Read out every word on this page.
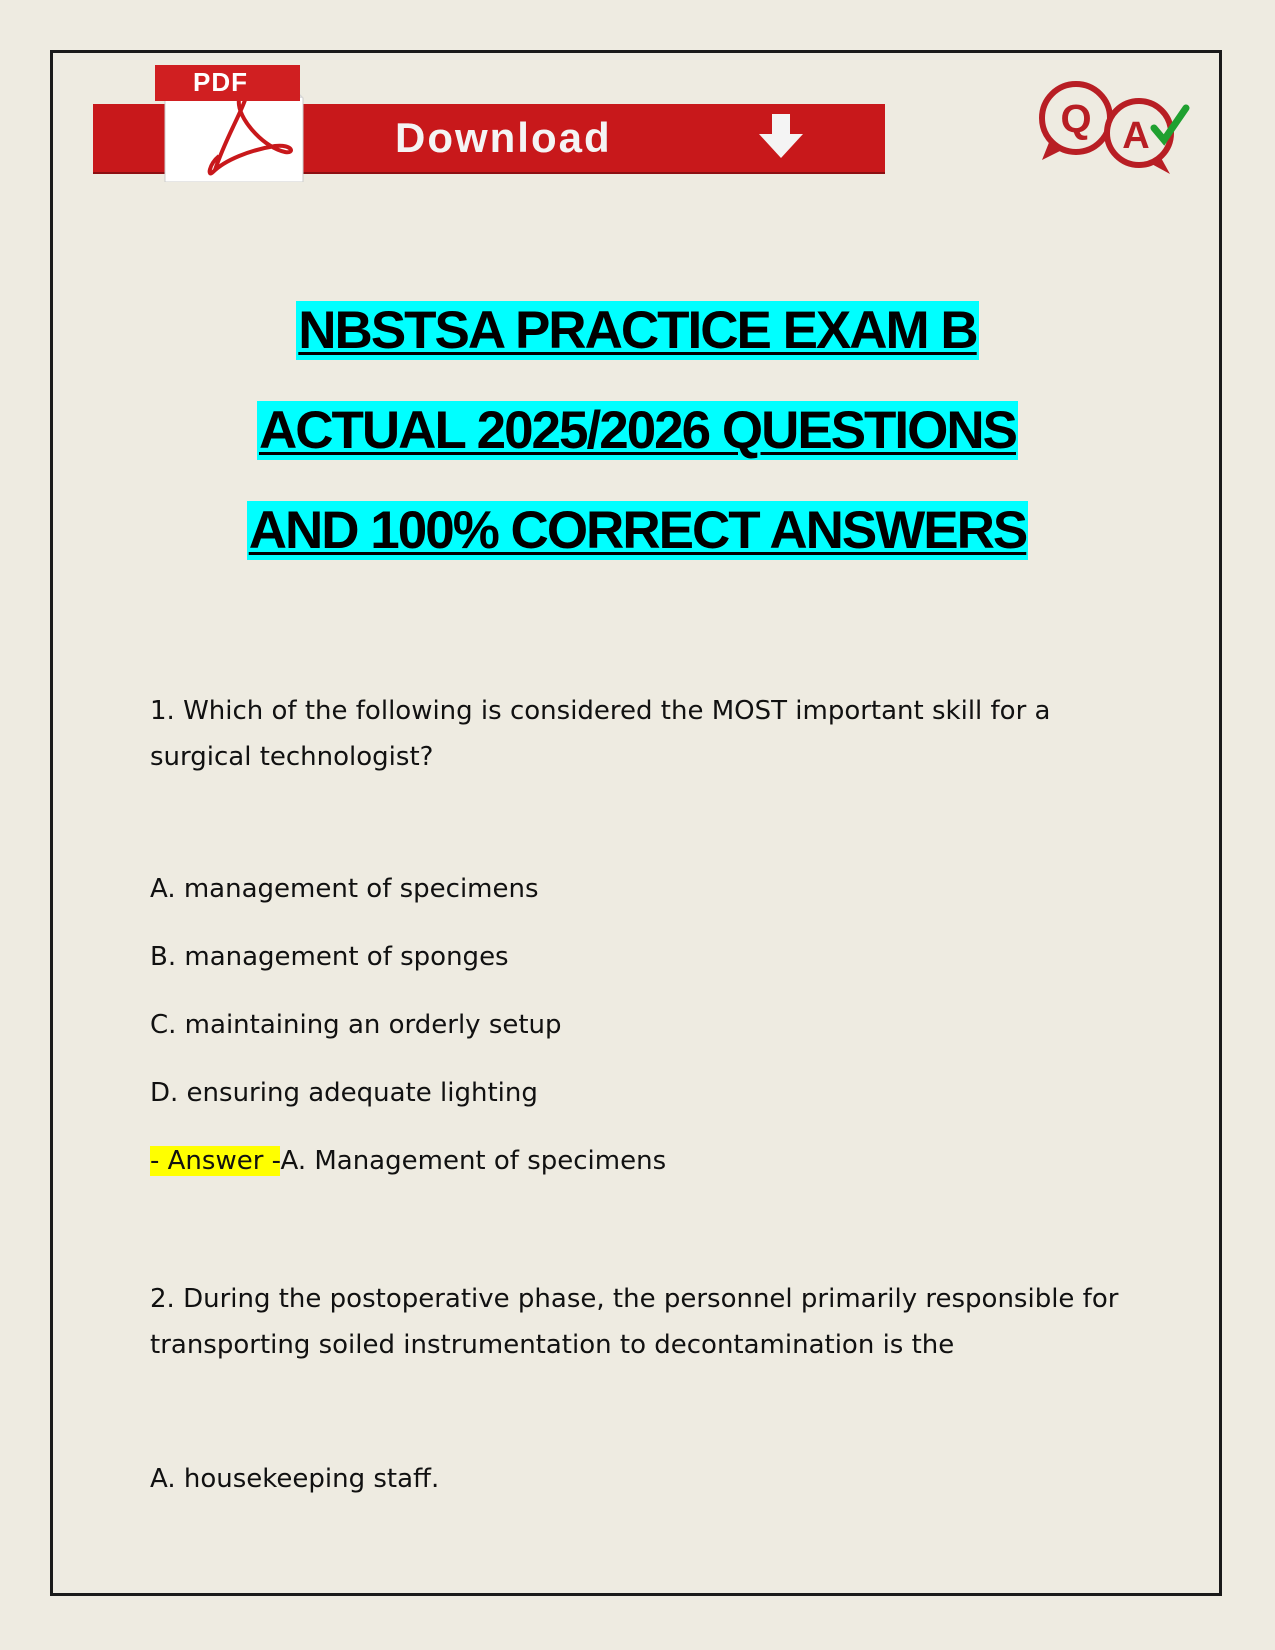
PDF
Download	Q A
NBSTSA PRACTICE EXAM B
ACTUAL 2025/2026 QUESTIONS
AND 100% CORRECT ANSWERS
1. Which of the following is considered the MOST important skill for a surgical technologist?
A. management of specimens
B. management of sponges
C. maintaining an orderly setup
D. ensuring adequate lighting
- Answer -A. Management of specimens
2. During the postoperative phase, the personnel primarily responsible for transporting soiled instrumentation to decontamination is the
A. housekeeping staff.
